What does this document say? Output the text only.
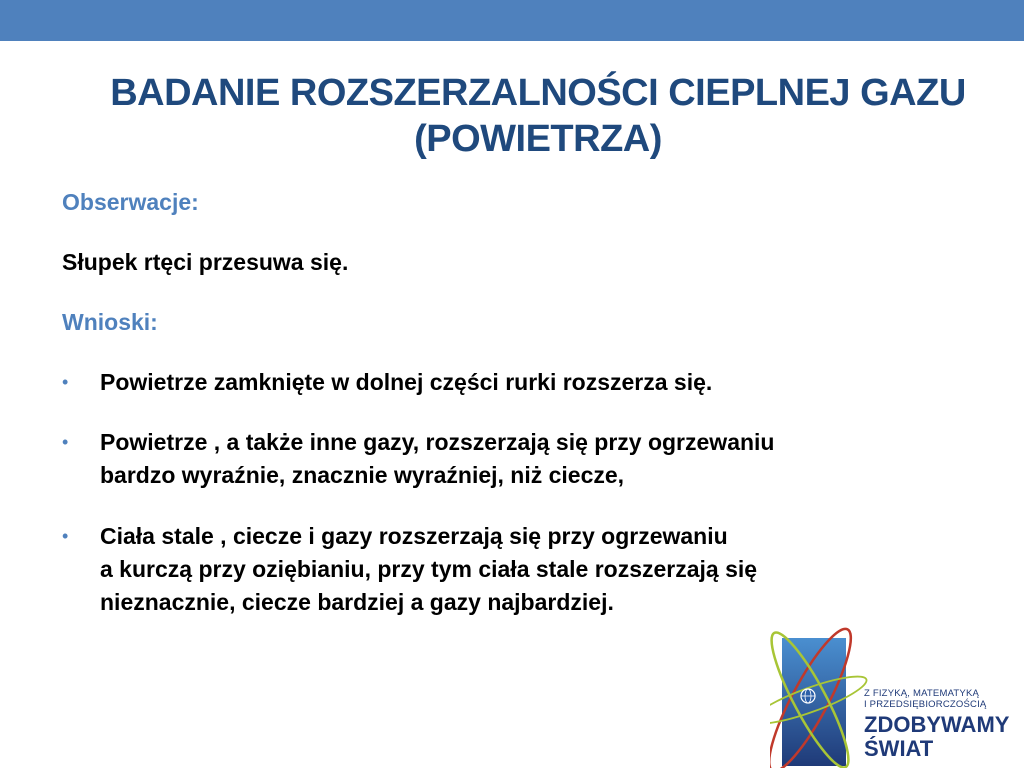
BADANIE ROZSZERZALNOŚCI CIEPLNEJ GAZU
(POWIETRZA)
Obserwacje:
Słupek rtęci przesuwa się.
Wnioski:
• Powietrze zamknięte w dolnej części rurki rozszerza się.
• Powietrze , a także inne gazy, rozszerzają się przy ogrzewaniu
bardzo wyraźnie, znacznie wyraźniej, niż ciecze,
• Ciała stale , ciecze i gazy rozszerzają się przy ogrzewaniu
a kurczą przy oziębianiu, przy tym ciała stale rozszerzają się
nieznacznie, ciecze bardziej a gazy najbardziej.
Z FIZYKĄ, MATEMATYKĄ
I PRZEDSIĘBIORCZOŚCIĄ
ZDOBYWAMY
ŚWIAT
